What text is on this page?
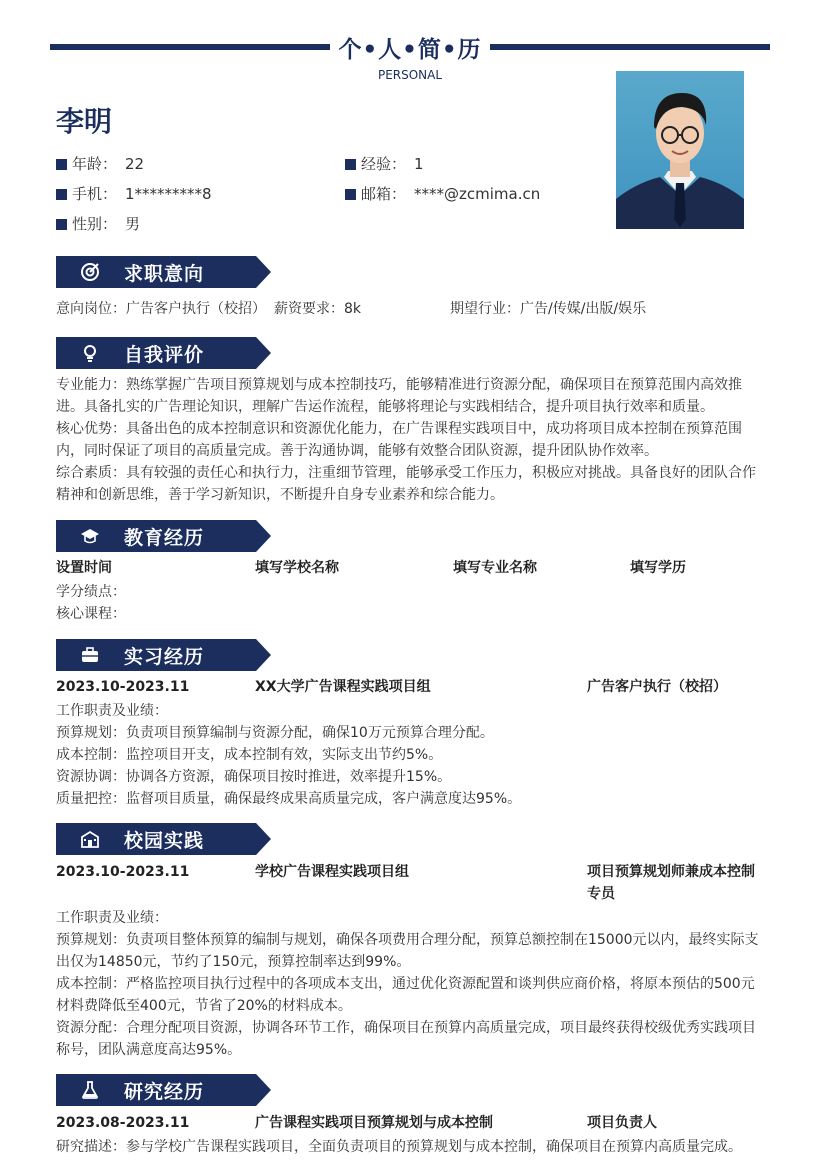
个•人•简•历
PERSONAL
李明
年龄： 22	经验： 1
手机： 1*********8	邮箱： ****@zcmima.cn
性别： 男
求职意向
意向岗位：广告客户执行（校招） 薪资要求：8k	期望行业：广告/传媒/出版/娱乐
自我评价
专业能力：熟练掌握广告项目预算规划与成本控制技巧，能够精准进行资源分配，确保项目在预算范围内高效推进。具备扎实的广告理论知识，理解广告运作流程，能够将理论与实践相结合，提升项目执行效率和质量。
核心优势：具备出色的成本控制意识和资源优化能力，在广告课程实践项目中，成功将项目成本控制在预算范围内，同时保证了项目的高质量完成。善于沟通协调，能够有效整合团队资源，提升团队协作效率。
综合素质：具有较强的责任心和执行力，注重细节管理，能够承受工作压力，积极应对挑战。具备良好的团队合作精神和创新思维，善于学习新知识，不断提升自身专业素养和综合能力。
教育经历
设置时间	填写学校名称	填写专业名称	填写学历
学分绩点：
核心课程：
实习经历
2023.10-2023.11	XX大学广告课程实践项目组	广告客户执行（校招）
工作职责及业绩：
预算规划：负责项目预算编制与资源分配，确保10万元预算合理分配。
成本控制：监控项目开支，成本控制有效，实际支出节约5%。
资源协调：协调各方资源，确保项目按时推进，效率提升15%。
质量把控：监督项目质量，确保最终成果高质量完成，客户满意度达95%。
校园实践
2023.10-2023.11	学校广告课程实践项目组	项目预算规划师兼成本控制专员
工作职责及业绩：
预算规划：负责项目整体预算的编制与规划，确保各项费用合理分配，预算总额控制在15000元以内，最终实际支出仅为14850元，节约了150元，预算控制率达到99%。
成本控制：严格监控项目执行过程中的各项成本支出，通过优化资源配置和谈判供应商价格，将原本预估的500元材料费降低至400元，节省了20%的材料成本。
资源分配：合理分配项目资源，协调各环节工作，确保项目在预算内高质量完成，项目最终获得校级优秀实践项目称号，团队满意度高达95%。
研究经历
2023.08-2023.11	广告课程实践项目预算规划与成本控制	项目负责人
研究描述：参与学校广告课程实践项目，全面负责项目的预算规划与成本控制，确保项目在预算内高质量完成。
